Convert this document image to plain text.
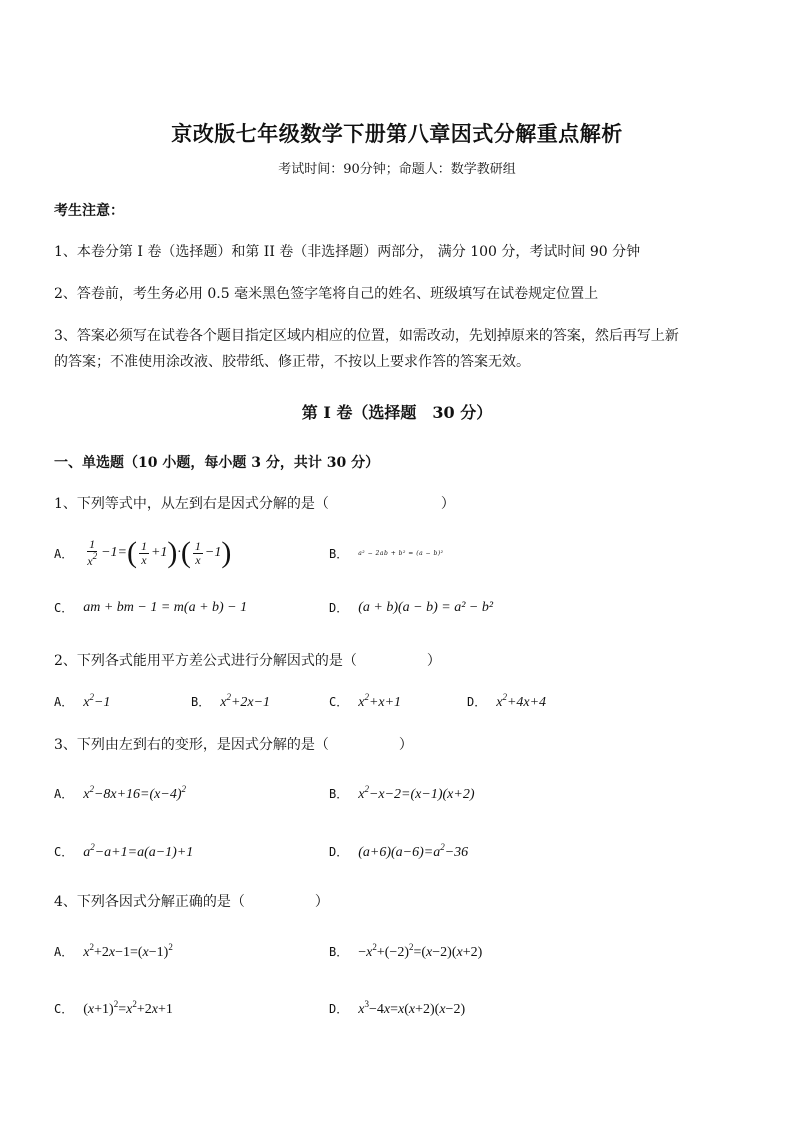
京改版七年级数学下册第八章因式分解重点解析
考试时间：90分钟；命题人：数学教研组
考生注意：
1、本卷分第 I 卷（选择题）和第 II 卷（非选择题）两部分， 满分 100 分，考试时间 90 分钟
2、答卷前，考生务必用 0.5 毫米黑色签字笔将自己的姓名、班级填写在试卷规定位置上
3、答案必须写在试卷各个题目指定区域内相应的位置，如需改动，先划掉原来的答案，然后再写上新
的答案；不准使用涂改液、胶带纸、修正带，不按以上要求作答的答案无效。
第 I 卷（选择题　30 分）
一、单选题（10 小题，每小题 3 分，共计 30 分）
1、下列等式中，从左到右是因式分解的是（　　　　　　　　）
A． $\frac{1}{x^2} -1=( \frac{1}{x} +1)\cdot( \frac{1}{x} -1)$	B． a² − 2ab + b² = (a − b)²
C． am + bm − 1 = m(a + b) − 1	D． (a + b)(a − b) = a² − b²
2、下列各式能用平方差公式进行分解因式的是（　　　　　）
A． $x^2-1$	B． $x^2+2x-1$	C． $x^2+x+1$	D． $x^2+4x+4$
3、下列由左到右的变形，是因式分解的是（　　　　　）
A． $x^2-8x+16=(x-4)^2$	B． $x^2-x-2=(x-1)(x+2)$
C． $a^2-a+1=a(a-1)+1$	D． $(a+6)(a-6)=a^2-36$
4、下列各因式分解正确的是（　　　　　）
A． $x^2+2x-1=(x-1)^2$	B． $-x^2+(-2)^2=(x-2)(x+2)$
C． $(x+1)^2=x^2+2x+1$	D． $x^3-4x=x(x+2)(x-2)$
